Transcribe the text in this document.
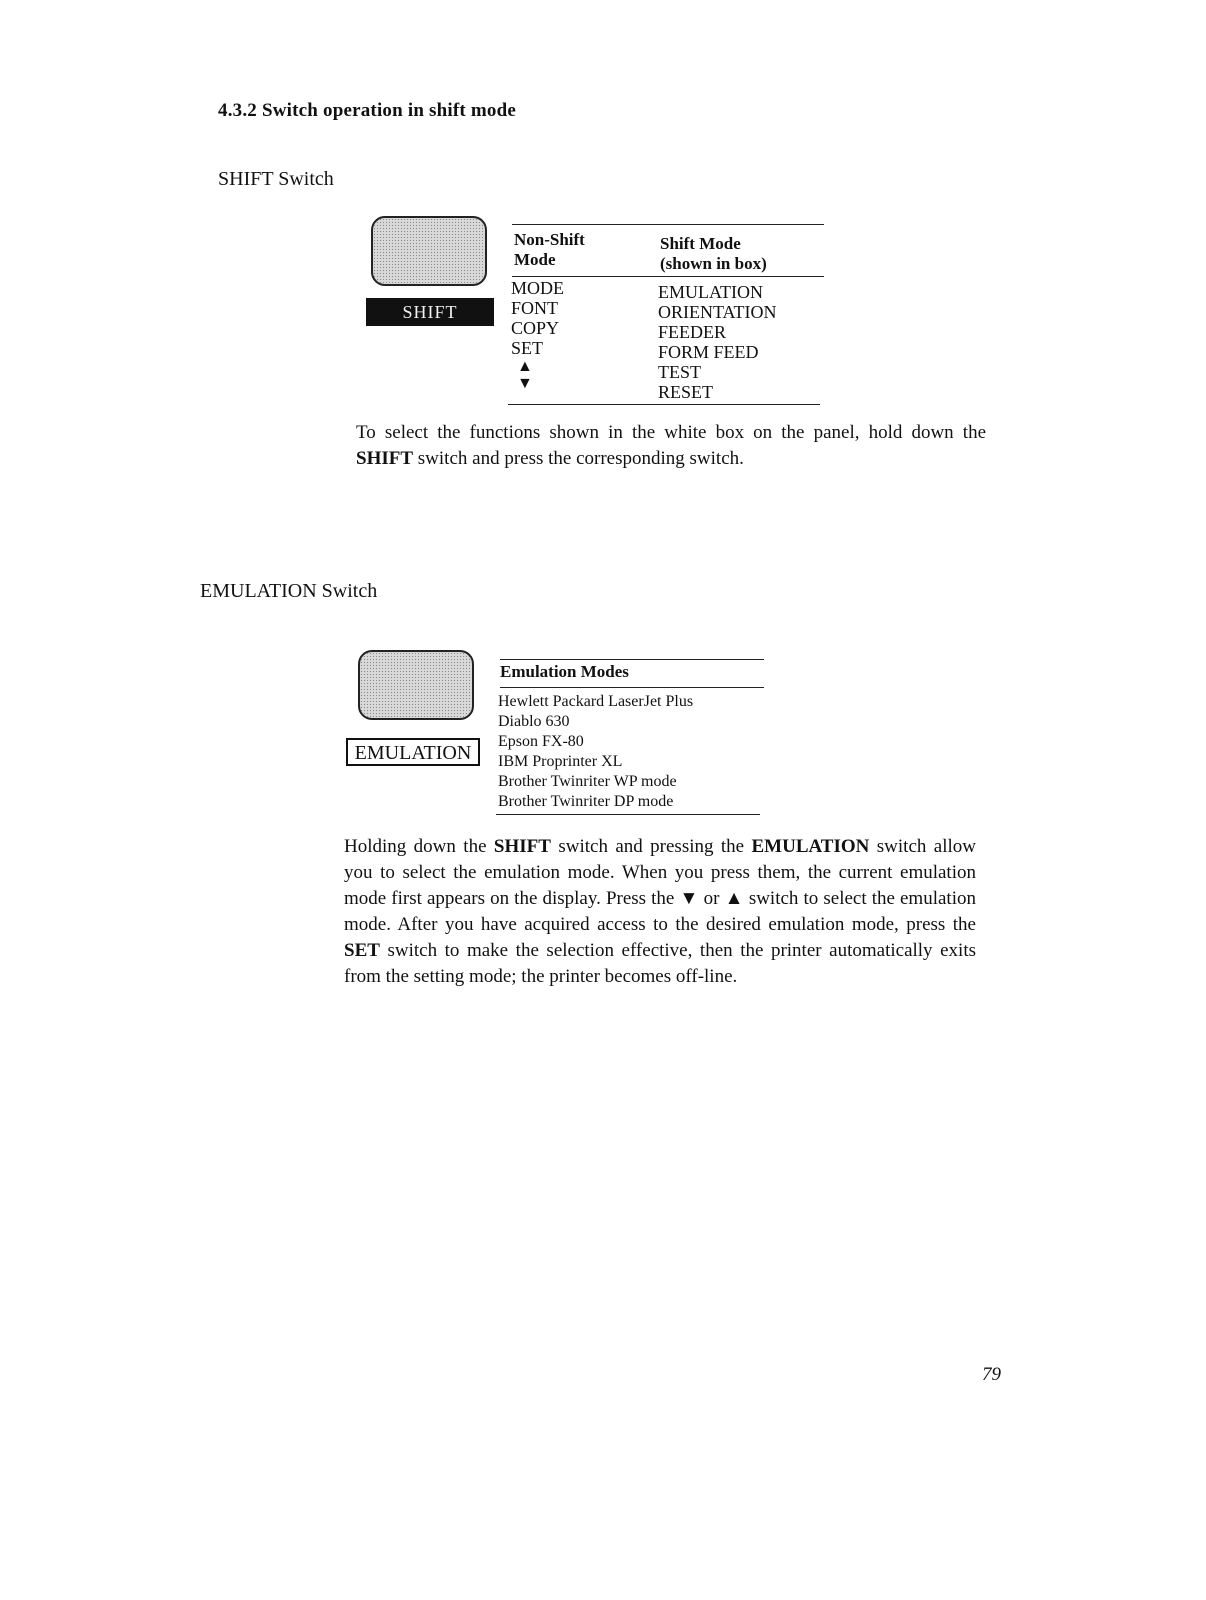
4.3.2 Switch operation in shift mode
SHIFT Switch
SHIFT
Non-Shift
Mode
Shift Mode
(shown in box)
MODE
FONT
COPY
SET
▲
▼
EMULATION
ORIENTATION
FEEDER
FORM FEED
TEST
RESET
To select the functions shown in the white box on the panel, hold down the SHIFT switch and press the corresponding switch.
EMULATION Switch
EMULATION
Emulation Modes
Hewlett Packard LaserJet Plus
Diablo 630
Epson FX-80
IBM Proprinter XL
Brother Twinriter WP mode
Brother Twinriter DP mode
Holding down the SHIFT switch and pressing the EMULATION switch allow you to select the emulation mode. When you press them, the current emulation mode first appears on the display. Press the ▼ or ▲ switch to select the emulation mode. After you have acquired access to the desired emulation mode, press the SET switch to make the selection effective, then the printer automatically exits from the setting mode; the printer becomes off-line.
79
